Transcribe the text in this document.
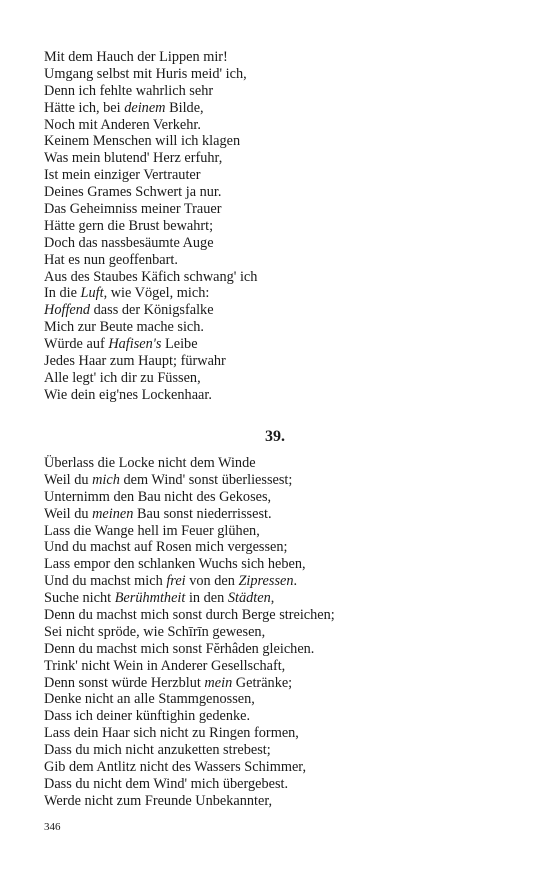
Mit dem Hauch der Lippen mir!
Umgang selbst mit Huris meid' ich,
Denn ich fehlte wahrlich sehr
Hätte ich, bei deinem Bilde,
Noch mit Anderen Verkehr.
Keinem Menschen will ich klagen
Was mein blutend' Herz erfuhr,
Ist mein einziger Vertrauter
Deines Grames Schwert ja nur.
Das Geheimniss meiner Trauer
Hätte gern die Brust bewahrt;
Doch das nassbesäumte Auge
Hat es nun geoffenbart.
Aus des Staubes Käfich schwang' ich
In die Luft, wie Vögel, mich:
Hoffend dass der Königsfalke
Mich zur Beute mache sich.
Würde auf Hafisen's Leibe
Jedes Haar zum Haupt; fürwahr
Alle legt' ich dir zu Füssen,
Wie dein eig'nes Lockenhaar.
39.
Überlass die Locke nicht dem Winde
Weil du mich dem Wind' sonst überliessest;
Unternimm den Bau nicht des Gekoses,
Weil du meinen Bau sonst niederrissest.
Lass die Wange hell im Feuer glühen,
Und du machst auf Rosen mich vergessen;
Lass empor den schlanken Wuchs sich heben,
Und du machst mich frei von den Zipressen.
Suche nicht Berühmtheit in den Städten,
Denn du machst mich sonst durch Berge streichen;
Sei nicht spröde, wie Schīrīn gewesen,
Denn du machst mich sonst Fĕrhâden gleichen.
Trink' nicht Wein in Anderer Gesellschaft,
Denn sonst würde Herzblut mein Getränke;
Denke nicht an alle Stammgenossen,
Dass ich deiner künftighin gedenke.
Lass dein Haar sich nicht zu Ringen formen,
Dass du mich nicht anzuketten strebest;
Gib dem Antlitz nicht des Wassers Schimmer,
Dass du nicht dem Wind' mich übergebest.
Werde nicht zum Freunde Unbekannter,
346
